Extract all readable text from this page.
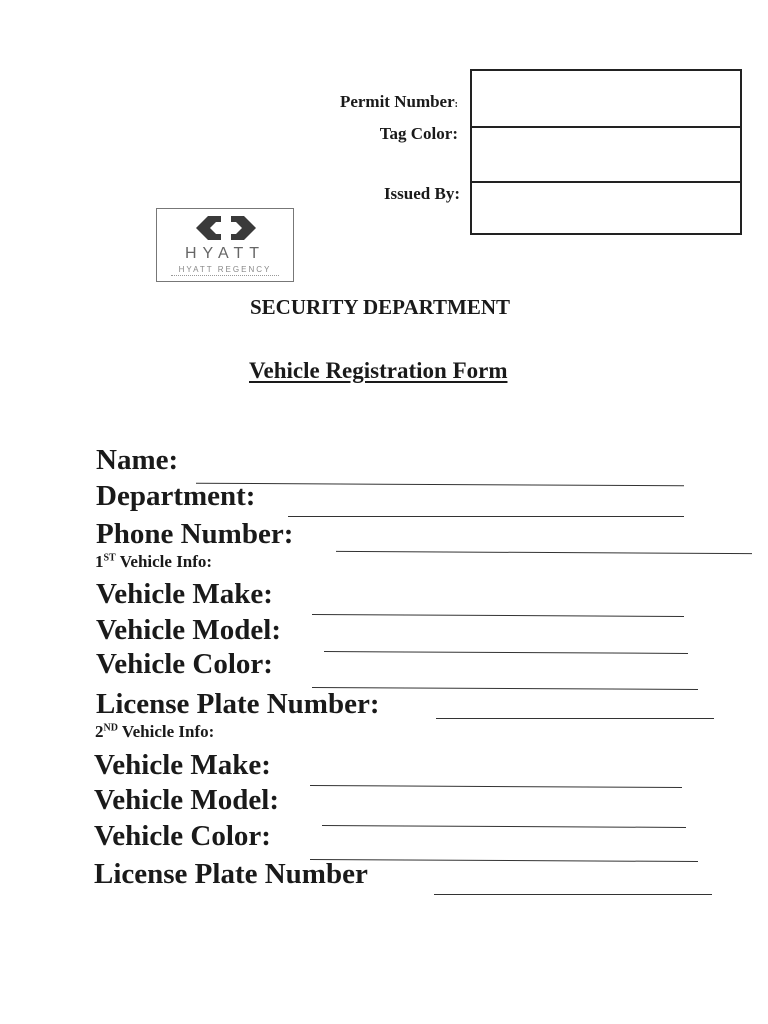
Permit Number:
Tag Color:
Issued By:
HYATT
HYATT REGENCY
SECURITY DEPARTMENT
Vehicle Registration Form
Name:
Department:
Phone Number:
1ST Vehicle Info:
Vehicle Make:
Vehicle Model:
Vehicle Color:
License Plate Number:
2ND Vehicle Info:
Vehicle Make:
Vehicle Model:
Vehicle Color:
License Plate Number
